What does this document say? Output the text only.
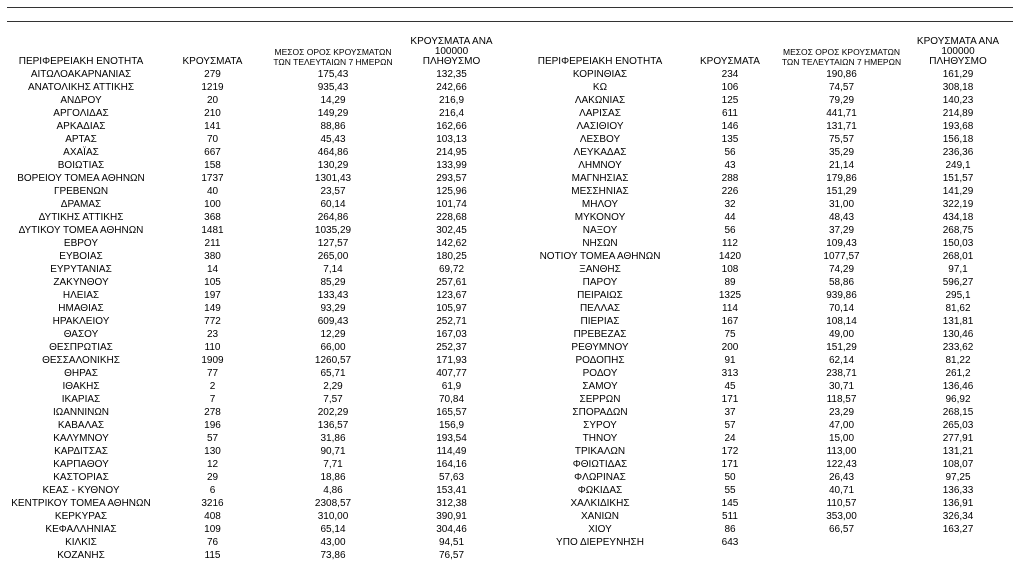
ΠΕΡΙΦΕΡΕΙΑΚΗ ΕΝΟΤΗΤΑ	ΚΡΟΥΣΜΑΤΑ
ΜΕΣΟΣ ΟΡΟΣ ΚΡΟΥΣΜΑΤΩΝ
ΤΩΝ ΤΕΛΕΥΤΑΙΩΝ 7 ΗΜΕΡΩΝ
ΚΡΟΥΣΜΑΤΑ ΑΝΑ 100000
ΠΛΗΘΥΣΜΟ
ΑΙΤΩΛΟΑΚΑΡΝΑΝΙΑΣ	279	175,43	132,35
ΑΝΑΤΟΛΙΚΗΣ ΑΤΤΙΚΗΣ	1219	935,43	242,66
ΑΝΔΡΟΥ	20	14,29	216,9
ΑΡΓΟΛΙΔΑΣ	210	149,29	216,4
ΑΡΚΑΔΙΑΣ	141	88,86	162,66
ΑΡΤΑΣ	70	45,43	103,13
ΑΧΑΪΑΣ	667	464,86	214,95
ΒΟΙΩΤΙΑΣ	158	130,29	133,99
ΒΟΡΕΙΟΥ ΤΟΜΕΑ ΑΘΗΝΩΝ	1737	1301,43	293,57
ΓΡΕΒΕΝΩΝ	40	23,57	125,96
ΔΡΑΜΑΣ	100	60,14	101,74
ΔΥΤΙΚΗΣ ΑΤΤΙΚΗΣ	368	264,86	228,68
ΔΥΤΙΚΟΥ ΤΟΜΕΑ ΑΘΗΝΩΝ	1481	1035,29	302,45
ΕΒΡΟΥ	211	127,57	142,62
ΕΥΒΟΙΑΣ	380	265,00	180,25
ΕΥΡΥΤΑΝΙΑΣ	14	7,14	69,72
ΖΑΚΥΝΘΟΥ	105	85,29	257,61
ΗΛΕΙΑΣ	197	133,43	123,67
ΗΜΑΘΙΑΣ	149	93,29	105,97
ΗΡΑΚΛΕΙΟΥ	772	609,43	252,71
ΘΑΣΟΥ	23	12,29	167,03
ΘΕΣΠΡΩΤΙΑΣ	110	66,00	252,37
ΘΕΣΣΑΛΟΝΙΚΗΣ	1909	1260,57	171,93
ΘΗΡΑΣ	77	65,71	407,77
ΙΘΑΚΗΣ	2	2,29	61,9
ΙΚΑΡΙΑΣ	7	7,57	70,84
ΙΩΑΝΝΙΝΩΝ	278	202,29	165,57
ΚΑΒΑΛΑΣ	196	136,57	156,9
ΚΑΛΥΜΝΟΥ	57	31,86	193,54
ΚΑΡΔΙΤΣΑΣ	130	90,71	114,49
ΚΑΡΠΑΘΟΥ	12	7,71	164,16
ΚΑΣΤΟΡΙΑΣ	29	18,86	57,63
ΚΕΑΣ - ΚΥΘΝΟΥ	6	4,86	153,41
ΚΕΝΤΡΙΚΟΥ ΤΟΜΕΑ ΑΘΗΝΩΝ	3216	2308,57	312,38
ΚΕΡΚΥΡΑΣ	408	310,00	390,91
ΚΕΦΑΛΛΗΝΙΑΣ	109	65,14	304,46
ΚΙΛΚΙΣ	76	43,00	94,51
ΚΟΖΑΝΗΣ	115	73,86	76,57
ΠΕΡΙΦΕΡΕΙΑΚΗ ΕΝΟΤΗΤΑ	ΚΡΟΥΣΜΑΤΑ
ΜΕΣΟΣ ΟΡΟΣ ΚΡΟΥΣΜΑΤΩΝ
ΤΩΝ ΤΕΛΕΥΤΑΙΩΝ 7 ΗΜΕΡΩΝ
ΚΡΟΥΣΜΑΤΑ ΑΝΑ 100000
ΠΛΗΘΥΣΜΟ
ΚΟΡΙΝΘΙΑΣ	234	190,86	161,29
ΚΩ	106	74,57	308,18
ΛΑΚΩΝΙΑΣ	125	79,29	140,23
ΛΑΡΙΣΑΣ	611	441,71	214,89
ΛΑΣΙΘΙΟΥ	146	131,71	193,68
ΛΕΣΒΟΥ	135	75,57	156,18
ΛΕΥΚΑΔΑΣ	56	35,29	236,36
ΛΗΜΝΟΥ	43	21,14	249,1
ΜΑΓΝΗΣΙΑΣ	288	179,86	151,57
ΜΕΣΣΗΝΙΑΣ	226	151,29	141,29
ΜΗΛΟΥ	32	31,00	322,19
ΜΥΚΟΝΟΥ	44	48,43	434,18
ΝΑΞΟΥ	56	37,29	268,75
ΝΗΣΩΝ	112	109,43	150,03
ΝΟΤΙΟΥ ΤΟΜΕΑ ΑΘΗΝΩΝ	1420	1077,57	268,01
ΞΑΝΘΗΣ	108	74,29	97,1
ΠΑΡΟΥ	89	58,86	596,27
ΠΕΙΡΑΙΩΣ	1325	939,86	295,1
ΠΕΛΛΑΣ	114	70,14	81,62
ΠΙΕΡΙΑΣ	167	108,14	131,81
ΠΡΕΒΕΖΑΣ	75	49,00	130,46
ΡΕΘΥΜΝΟΥ	200	151,29	233,62
ΡΟΔΟΠΗΣ	91	62,14	81,22
ΡΟΔΟΥ	313	238,71	261,2
ΣΑΜΟΥ	45	30,71	136,46
ΣΕΡΡΩΝ	171	118,57	96,92
ΣΠΟΡΑΔΩΝ	37	23,29	268,15
ΣΥΡΟΥ	57	47,00	265,03
ΤΗΝΟΥ	24	15,00	277,91
ΤΡΙΚΑΛΩΝ	172	113,00	131,21
ΦΘΙΩΤΙΔΑΣ	171	122,43	108,07
ΦΛΩΡΙΝΑΣ	50	26,43	97,25
ΦΩΚΙΔΑΣ	55	40,71	136,33
ΧΑΛΚΙΔΙΚΗΣ	145	110,57	136,91
ΧΑΝΙΩΝ	511	353,00	326,34
ΧΙΟΥ	86	66,57	163,27
ΥΠΟ ΔΙΕΡΕΥΝΗΣΗ	643
